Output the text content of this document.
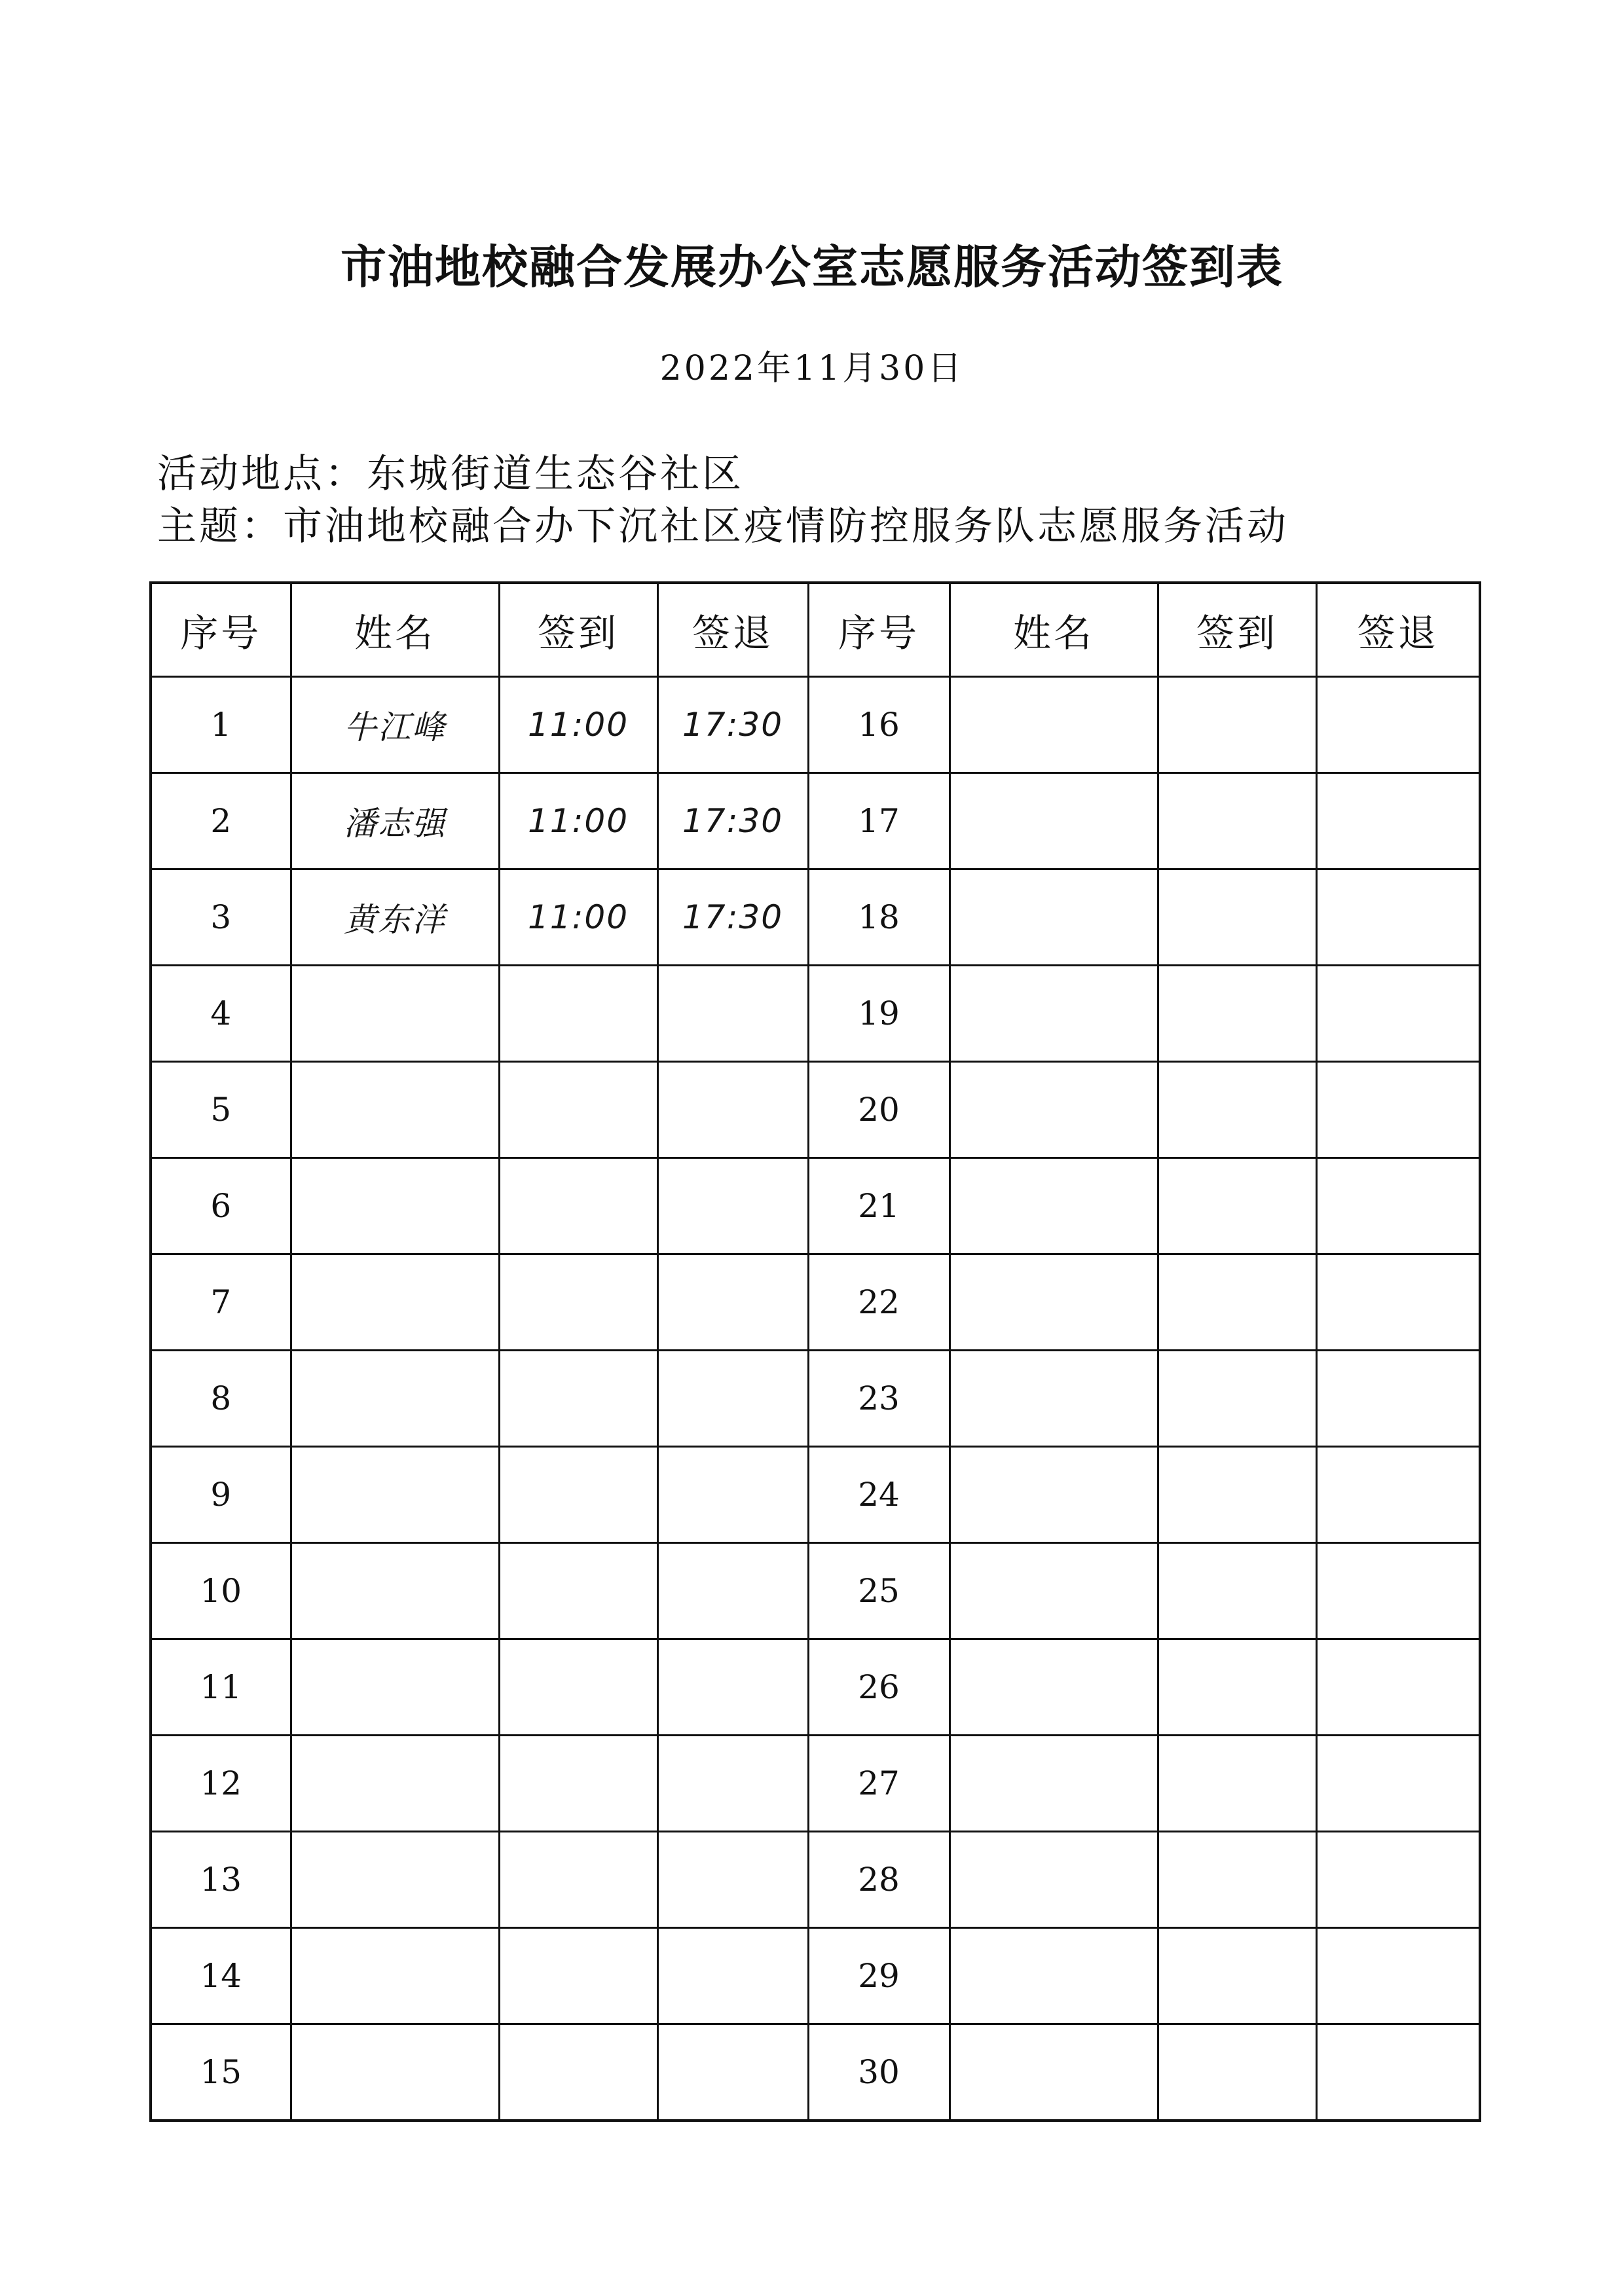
市油地校融合发展办公室志愿服务活动签到表
2022年11月30日
活动地点：东城街道生态谷社区
主题：市油地校融合办下沉社区疫情防控服务队志愿服务活动
序号	姓名	签到	签退	序号	姓名	签到	签退
1	牛江峰	11:00	17:30	16			
2	潘志强	11:00	17:30	17			
3	黄东洋	11:00	17:30	18			
4				19			
5				20			
6				21			
7				22			
8				23			
9				24			
10				25			
11				26			
12				27			
13				28			
14				29			
15				30			
